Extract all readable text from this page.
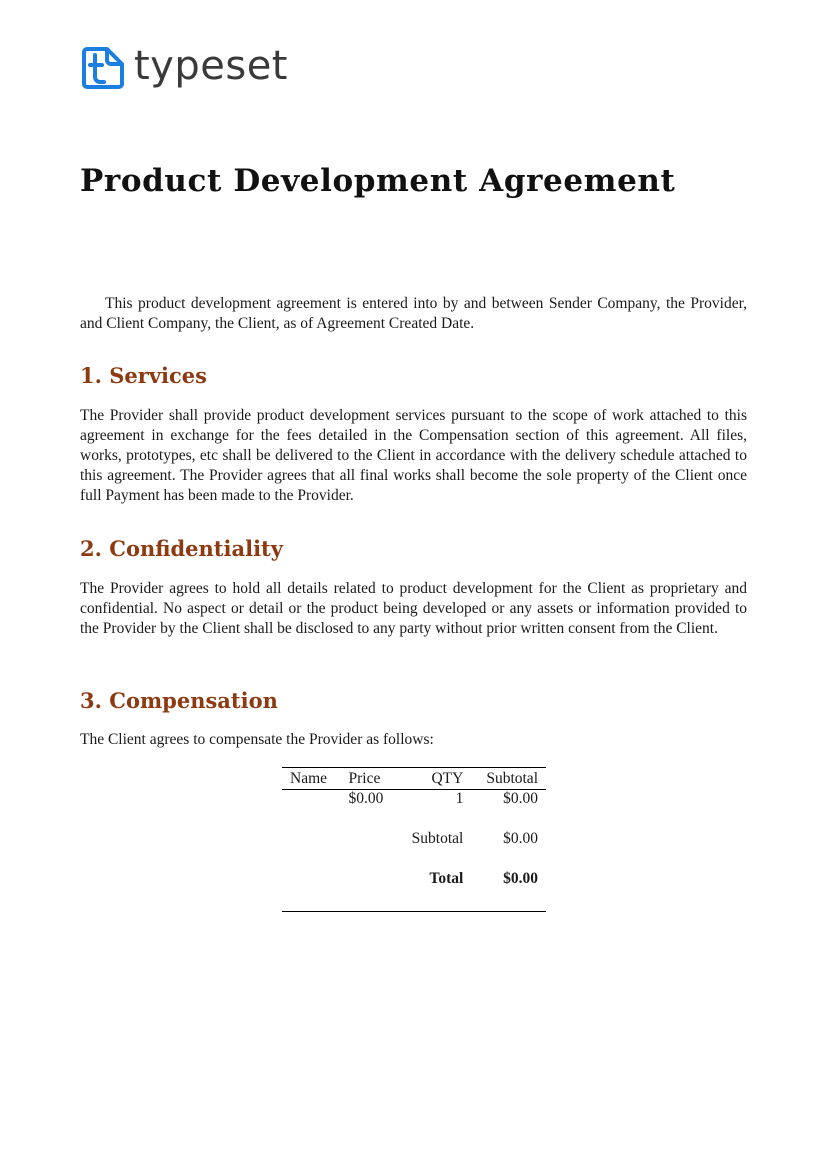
typeset
Product Development Agreement

This product development agreement is entered into by and between Sender Company, the Provider, and Client Company, the Client, as of Agreement Created Date.

1. Services

The Provider shall provide product development services pursuant to the scope of work attached to this agreement in exchange for the fees detailed in the Compensation section of this agreement. All files, works, prototypes, etc shall be delivered to the Client in accordance with the delivery schedule attached to this agreement. The Provider agrees that all final works shall become the sole property of the Client once full Payment has been made to the Provider.

2. Confidentiality

The Provider agrees to hold all details related to product development for the Client as proprietary and confidential. No aspect or detail or the product being developed or any assets or information provided to the Provider by the Client shall be disclosed to any party without prior written consent from the Client.

3. Compensation

The Client agrees to compensate the Provider as follows:

Name	Price	QTY	Subtotal
	$0.00	1	$0.00

		Subtotal	$0.00

		Total	$0.00
